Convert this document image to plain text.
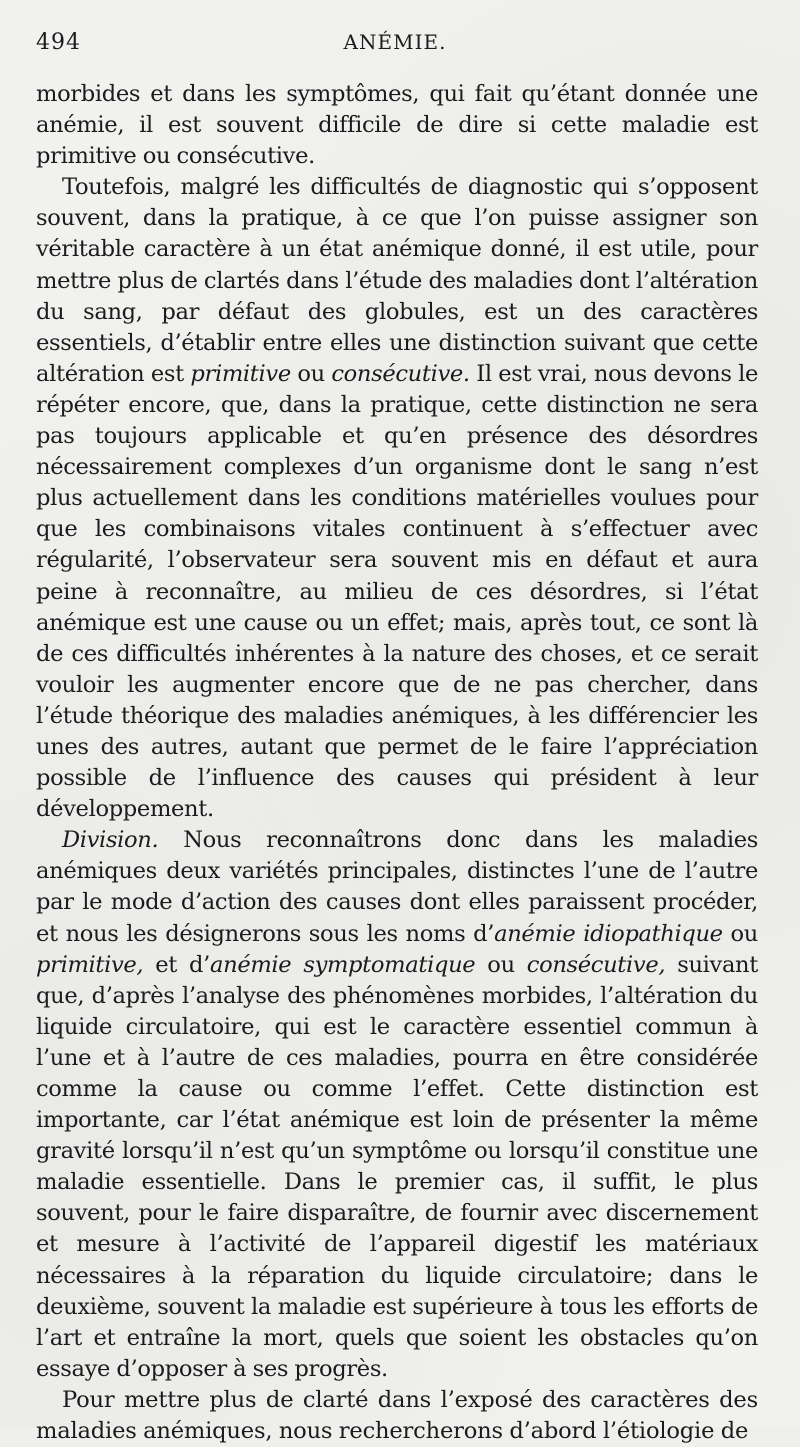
494	ANÉMIE.

morbides et dans les symptômes, qui fait qu’étant donnée une anémie, il est souvent difficile de dire si cette maladie est primitive ou consécutive.

Toutefois, malgré les difficultés de diagnostic qui s’opposent souvent, dans la pratique, à ce que l’on puisse assigner son véritable caractère à un état anémique donné, il est utile, pour mettre plus de clartés dans l’étude des maladies dont l’altération du sang, par défaut des globules, est un des caractères essentiels, d’établir entre elles une distinction suivant que cette altération est primitive ou consécutive. Il est vrai, nous devons le répéter encore, que, dans la pratique, cette distinction ne sera pas toujours applicable et qu’en présence des désordres nécessairement complexes d’un organisme dont le sang n’est plus actuellement dans les conditions matérielles voulues pour que les combinaisons vitales continuent à s’effectuer avec régularité, l’observateur sera souvent mis en défaut et aura peine à reconnaître, au milieu de ces désordres, si l’état anémique est une cause ou un effet; mais, après tout, ce sont là de ces difficultés inhérentes à la nature des choses, et ce serait vouloir les augmenter encore que de ne pas chercher, dans l’étude théorique des maladies anémiques, à les différencier les unes des autres, autant que permet de le faire l’appréciation possible de l’influence des causes qui président à leur développement.

Division. Nous reconnaîtrons donc dans les maladies anémiques deux variétés principales, distinctes l’une de l’autre par le mode d’action des causes dont elles paraissent procéder, et nous les désignerons sous les noms d’anémie idiopathique ou primitive, et d’anémie symptomatique ou consécutive, suivant que, d’après l’analyse des phénomènes morbides, l’altération du liquide circulatoire, qui est le caractère essentiel commun à l’une et à l’autre de ces maladies, pourra en être considérée comme la cause ou comme l’effet. Cette distinction est importante, car l’état anémique est loin de présenter la même gravité lorsqu’il n’est qu’un symptôme ou lorsqu’il constitue une maladie essentielle. Dans le premier cas, il suffit, le plus souvent, pour le faire disparaître, de fournir avec discernement et mesure à l’activité de l’appareil digestif les matériaux nécessaires à la réparation du liquide circulatoire; dans le deuxième, souvent la maladie est supérieure à tous les efforts de l’art et entraîne la mort, quels que soient les obstacles qu’on essaye d’opposer à ses progrès.

Pour mettre plus de clarté dans l’exposé des caractères des maladies anémiques, nous rechercherons d’abord l’étiologie de
